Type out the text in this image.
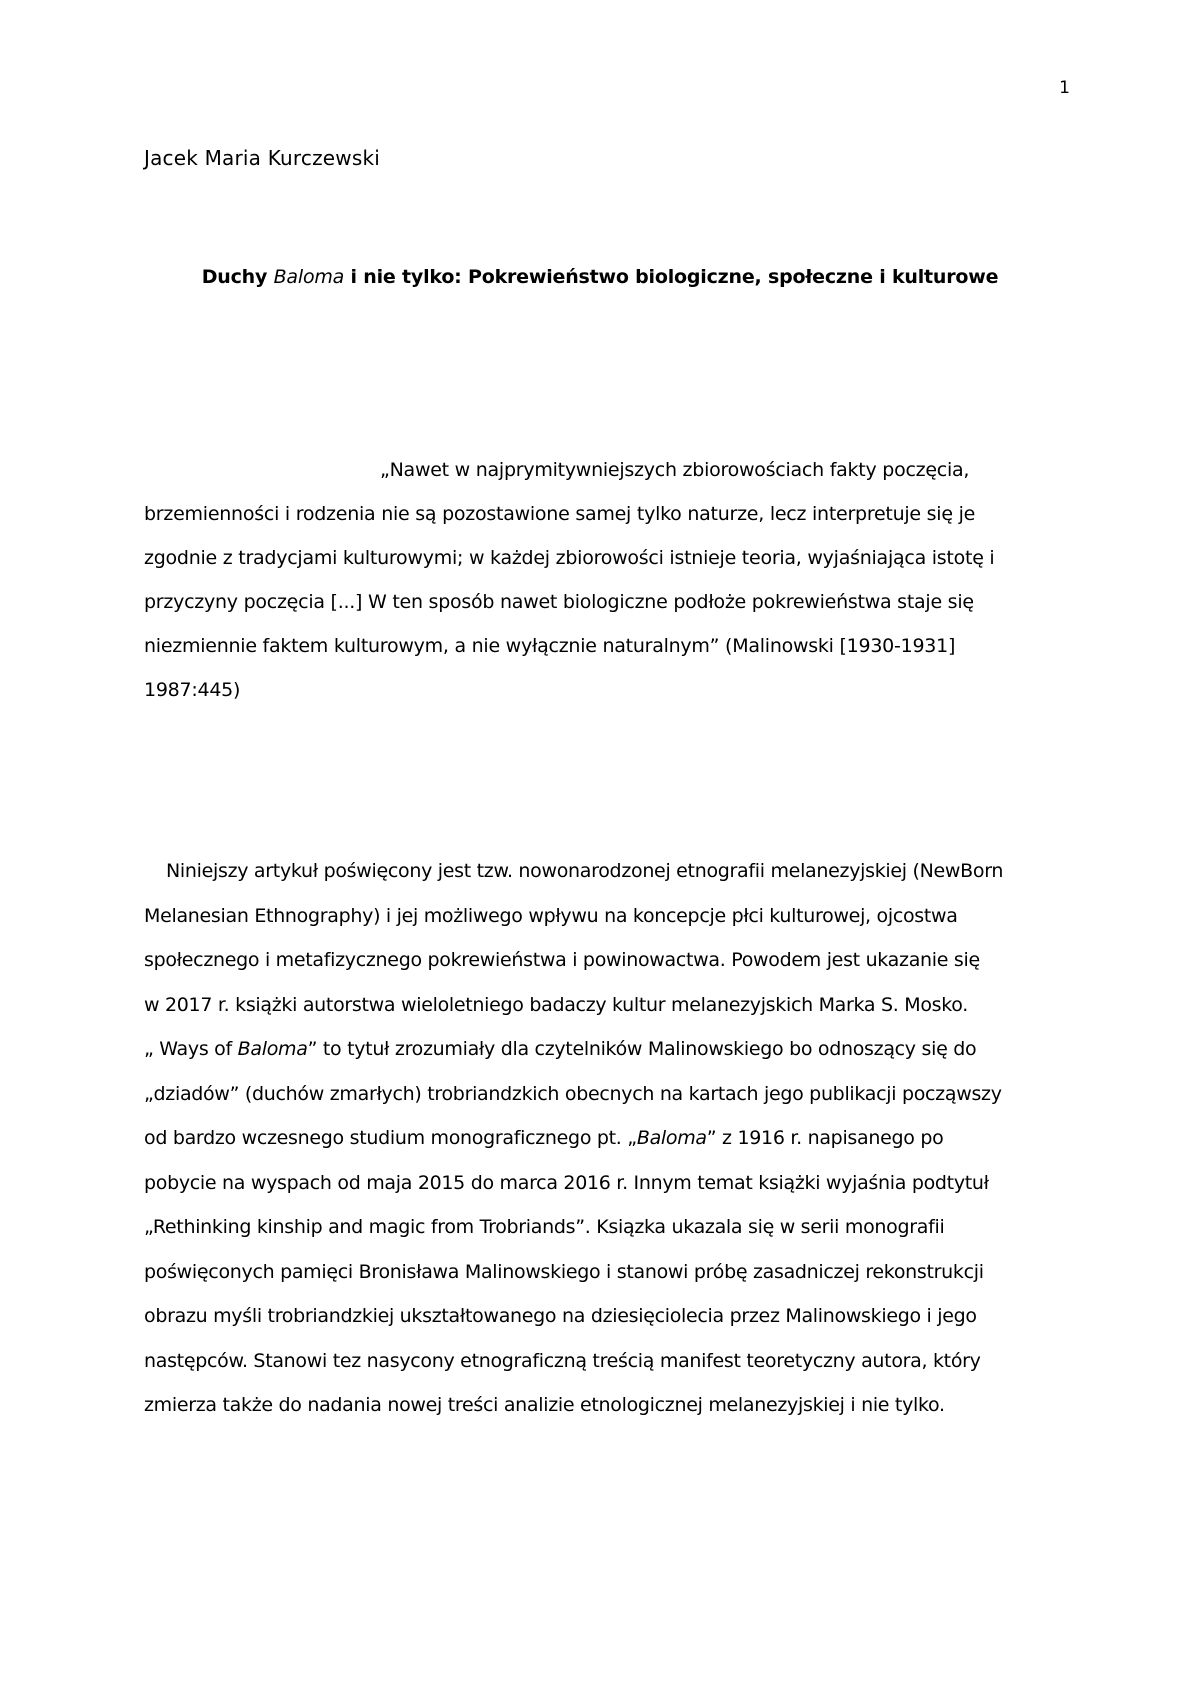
1
Jacek Maria Kurczewski
Duchy Baloma i nie tylko: Pokrewieństwo biologiczne, społeczne i kulturowe
„Nawet w najprymitywniejszych zbiorowościach fakty poczęcia,
brzemienności i rodzenia nie są pozostawione samej tylko naturze, lecz interpretuje się je
zgodnie z tradycjami kulturowymi; w każdej zbiorowości istnieje teoria, wyjaśniająca istotę i
przyczyny poczęcia [...] W ten sposób nawet biologiczne podłoże pokrewieństwa staje się
niezmiennie faktem kulturowym, a nie wyłącznie naturalnym” (Malinowski [1930-1931]
1987:445)
Niniejszy artykuł poświęcony jest tzw. nowonarodzonej etnografii melanezyjskiej (NewBorn
Melanesian Ethnography) i jej możliwego wpływu na koncepcje płci kulturowej, ojcostwa
społecznego i metafizycznego pokrewieństwa i powinowactwa. Powodem jest ukazanie się
w 2017 r. książki autorstwa wieloletniego badaczy kultur melanezyjskich Marka S. Mosko.
„ Ways of Baloma” to tytuł zrozumiały dla czytelników Malinowskiego bo odnoszący się do
„dziadów” (duchów zmarłych) trobriandzkich obecnych na kartach jego publikacji począwszy
od bardzo wczesnego studium monograficznego pt. „Baloma” z 1916 r. napisanego po
pobycie na wyspach od maja 2015 do marca 2016 r. Innym temat książki wyjaśnia podtytuł
„Rethinking kinship and magic from Trobriands”. Ksiązka ukazala się w serii monografii
poświęconych pamięci Bronisława Malinowskiego i stanowi próbę zasadniczej rekonstrukcji
obrazu myśli trobriandzkiej ukształtowanego na dziesięciolecia przez Malinowskiego i jego
następców. Stanowi tez nasycony etnograficzną treścią manifest teoretyczny autora, który
zmierza także do nadania nowej treści analizie etnologicznej melanezyjskiej i nie tylko.
